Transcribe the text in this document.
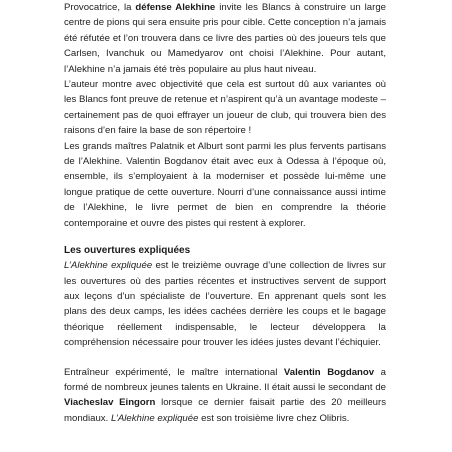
Provocatrice, la défense Alekhine invite les Blancs à construire un large centre de pions qui sera ensuite pris pour cible. Cette conception n’a jamais été réfutée et l’on trouvera dans ce livre des parties où des joueurs tels que Carlsen, Ivanchuk ou Mamedyarov ont choisi l’Alekhine. Pour autant, l’Alekhine n’a jamais été très populaire au plus haut niveau.

L’auteur montre avec objectivité que cela est surtout dû aux variantes où les Blancs font preuve de retenue et n’aspirent qu’à un avantage modeste – certainement pas de quoi effrayer un joueur de club, qui trouvera bien des raisons d’en faire la base de son répertoire !

Les grands maîtres Palatnik et Alburt sont parmi les plus fervents partisans de l’Alekhine. Valentin Bogdanov était avec eux à Odessa à l’époque où, ensemble, ils s’employaient à la moderniser et possède lui-même une longue pratique de cette ouverture. Nourri d’une connaissance aussi intime de l’Alekhine, le livre permet de bien en comprendre la théorie contemporaine et ouvre des pistes qui restent à explorer.

Les ouvertures expliquées

L’Alekhine expliquée est le treizième ouvrage d’une collection de livres sur les ouvertures où des parties récentes et instructives servent de support aux leçons d’un spécialiste de l’ouverture. En apprenant quels sont les plans des deux camps, les idées cachées derrière les coups et le bagage théorique réellement indispensable, le lecteur développera la compréhension nécessaire pour trouver les idées justes devant l’échiquier.

Entraîneur expérimenté, le maître international Valentin Bogdanov a formé de nombreux jeunes talents en Ukraine. Il était aussi le secondant de Viacheslav Eingorn lorsque ce dernier faisait partie des 20 meilleurs mondiaux. L’Alekhine expliquée est son troisième livre chez Olibris.
